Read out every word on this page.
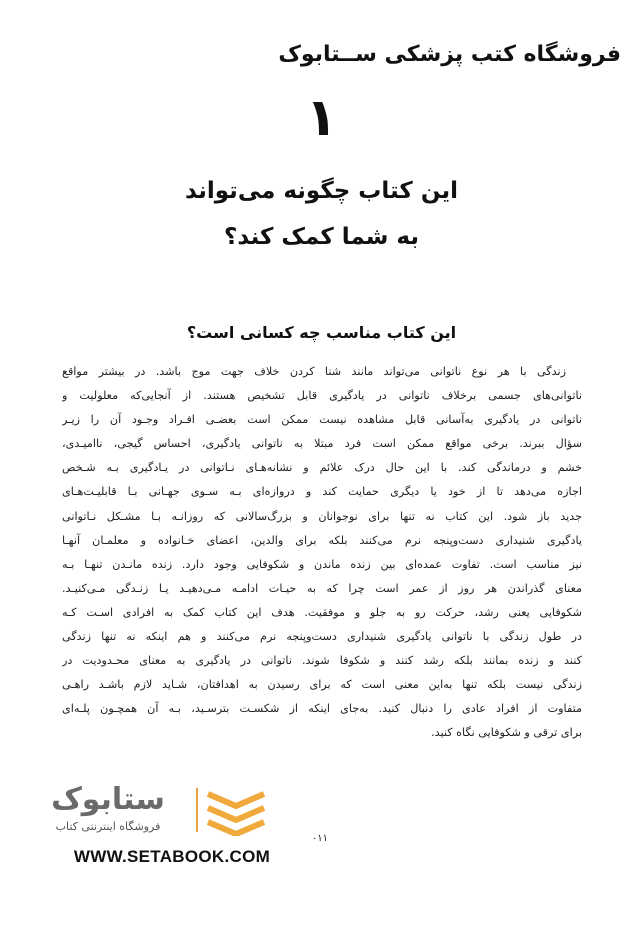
فروشگاه کتب پزشکی ســتابوک
۱
این کتاب چگونه می‌تواند
به شما کمک کند؟
این کتاب مناسب چه کسانی است؟
زندگی با هر نوع ناتوانی می‌تواند مانند شنا کردن خلاف جهت موج باشد. در بیشتر مواقع
ناتوانی‌های جسمی برخلاف ناتوانی در یادگیری قابل تشخیص هستند. از آنجایی‌که معلولیت و
ناتوانی در یادگیری به‌آسانی قابل مشاهده نیست ممکن است بعضـی افـراد وجـود آن را زیـر
سؤال ببرند. برخی مواقع ممکن است فرد مبتلا به ناتوانی یادگیری، احساس گیجی، ناامیـدی،
خشم و درماندگی کند. با این حال درک علائم و نشانه‌هـای نـاتوانی در یـادگیری بـه شـخص
اجازه می‌دهد تا از خود یا دیگری حمایت کند و دروازه‌ای بـه سـوی جهـانی بـا قابلیـت‌هـای
جدید باز شود. این کتاب نه تنها برای نوجوانان و بزرگ‌سالانی که روزانـه بـا مشـکل نـاتوانی
یادگیری شنیداری دست‌وپنجه نرم می‌کنند بلکه برای والدین، اعضای خـانواده و معلمـان آنهـا
نیز مناسب است. تفاوت عمده‌ای بین زنده ماندن و شکوفایی وجود دارد. زنده مانـدن تنهـا بـه
معنای گذراندن هر روز از عمر است چرا که به حیـات ادامـه مـی‌دهیـد یـا زنـدگی مـی‌کنیـد.
شکوفایی یعنی رشد، حرکت رو به جلو و موفقیت. هدف این کتاب کمک به افرادی اسـت کـه
در طول زندگی با ناتوانی یادگیری شنیداری دست‌وپنجه نرم می‌کنند و هم اینکه نه تنها زندگی
کنند و زنده بمانند بلکه رشد کنند و شکوفا شوند. ناتوانی در یادگیری به معنای محـدودیت در
زندگی نیست بلکه تنها به‌این معنی است که برای رسیدن به اهدافتان، شـاید لازم باشـد راهـی
متفاوت از افراد عادی را دنبال کنید. به‌جای اینکه از شکسـت بترسـید، بـه آن همچـون پلـه‌ای
برای ترقی و شکوفایی نگاه کنید.
ستابوک
فروشگاه اینترنتی کتاب
WWW.SETABOOK.COM
۰۱۱
